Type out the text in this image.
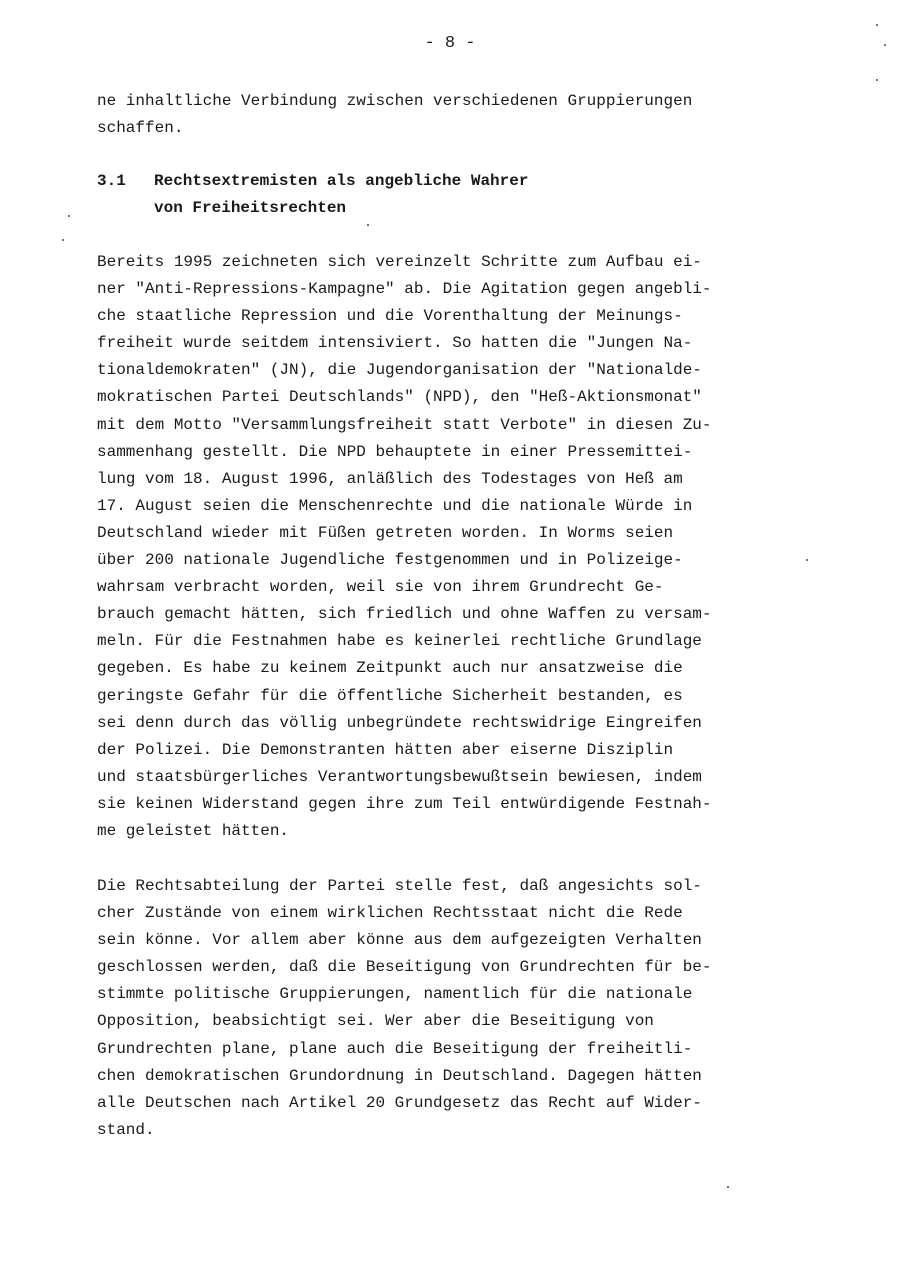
- 8 -
ne inhaltliche Verbindung zwischen verschiedenen Gruppierungen
schaffen.
3.1	Rechtsextremisten als angebliche Wahrer
von Freiheitsrechten
Bereits 1995 zeichneten sich vereinzelt Schritte zum Aufbau ei-
ner "Anti-Repressions-Kampagne" ab. Die Agitation gegen angebli-
che staatliche Repression und die Vorenthaltung der Meinungs-
freiheit wurde seitdem intensiviert. So hatten die "Jungen Na-
tionaldemokraten" (JN), die Jugendorganisation der "Nationalde-
mokratischen Partei Deutschlands" (NPD), den "Heß-Aktionsmonat"
mit dem Motto "Versammlungsfreiheit statt Verbote" in diesen Zu-
sammenhang gestellt. Die NPD behauptete in einer Pressemittei-
lung vom 18. August 1996, anläßlich des Todestages von Heß am
17. August seien die Menschenrechte und die nationale Würde in
Deutschland wieder mit Füßen getreten worden. In Worms seien
über 200 nationale Jugendliche festgenommen und in Polizeige-
wahrsam verbracht worden, weil sie von ihrem Grundrecht Ge-
brauch gemacht hätten, sich friedlich und ohne Waffen zu versam-
meln. Für die Festnahmen habe es keinerlei rechtliche Grundlage
gegeben. Es habe zu keinem Zeitpunkt auch nur ansatzweise die
geringste Gefahr für die öffentliche Sicherheit bestanden, es
sei denn durch das völlig unbegründete rechtswidrige Eingreifen
der Polizei. Die Demonstranten hätten aber eiserne Disziplin
und staatsbürgerliches Verantwortungsbewußtsein bewiesen, indem
sie keinen Widerstand gegen ihre zum Teil entwürdigende Festnah-
me geleistet hätten.
Die Rechtsabteilung der Partei stelle fest, daß angesichts sol-
cher Zustände von einem wirklichen Rechtsstaat nicht die Rede
sein könne. Vor allem aber könne aus dem aufgezeigten Verhalten
geschlossen werden, daß die Beseitigung von Grundrechten für be-
stimmte politische Gruppierungen, namentlich für die nationale
Opposition, beabsichtigt sei. Wer aber die Beseitigung von
Grundrechten plane, plane auch die Beseitigung der freiheitli-
chen demokratischen Grundordnung in Deutschland. Dagegen hätten
alle Deutschen nach Artikel 20 Grundgesetz das Recht auf Wider-
stand.
